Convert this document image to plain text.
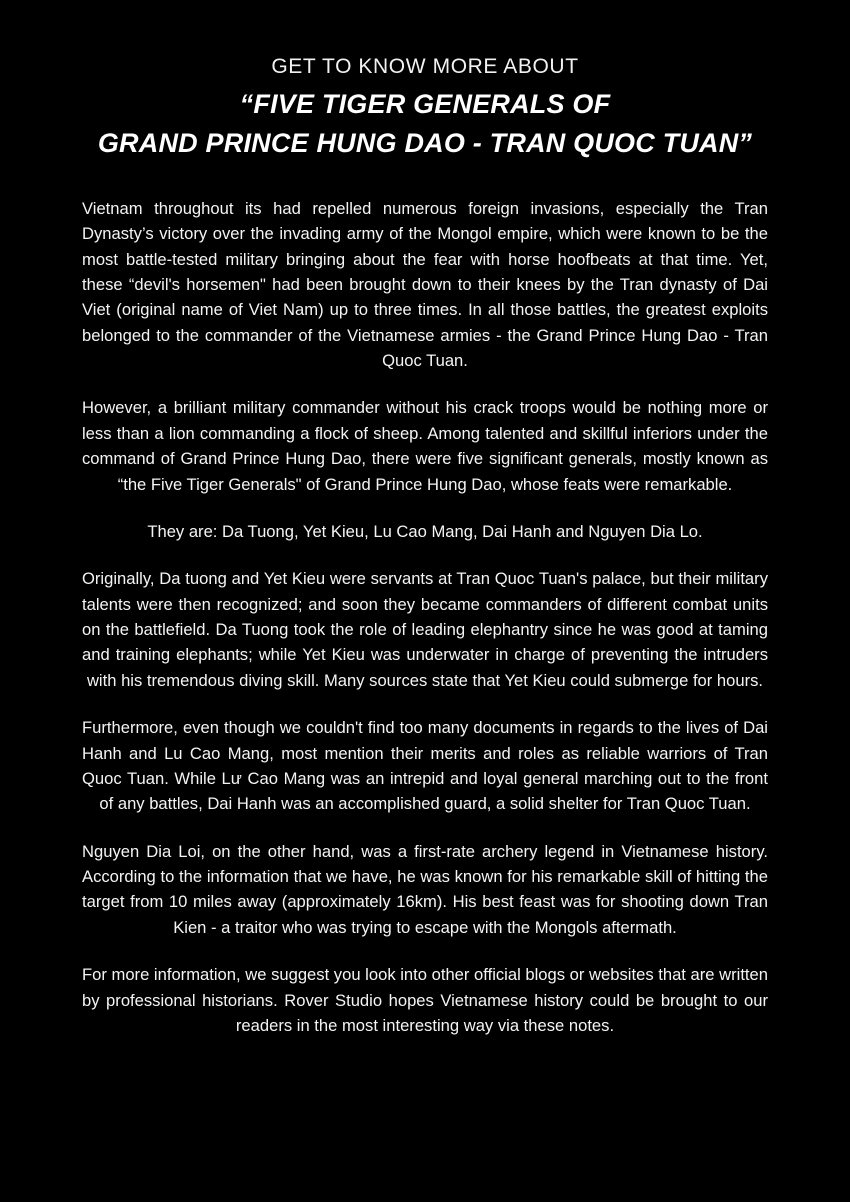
GET TO KNOW MORE ABOUT
“FIVE TIGER GENERALS OF
GRAND PRINCE HUNG DAO - TRAN QUOC TUAN”

Vietnam throughout its had repelled numerous foreign invasions, especially the Tran Dynasty’s victory over the invading army of the Mongol empire, which were known to be the most battle-tested military bringing about the fear with horse hoofbeats at that time. Yet, these “devil's horsemen" had been brought down to their knees by the Tran dynasty of Dai Viet (original name of Viet Nam) up to three times. In all those battles, the greatest exploits belonged to the commander of the Vietnamese armies - the Grand Prince Hung Dao - Tran Quoc Tuan.

However, a brilliant military commander without his crack troops would be nothing more or less than a lion commanding a flock of sheep. Among talented and skillful inferiors under the command of Grand Prince Hung Dao, there were five significant generals, mostly known as “the Five Tiger Generals" of Grand Prince Hung Dao, whose feats were remarkable.

They are: Da Tuong, Yet Kieu, Lu Cao Mang, Dai Hanh and Nguyen Dia Lo.

Originally, Da tuong and Yet Kieu were servants at Tran Quoc Tuan's palace, but their military talents were then recognized; and soon they became commanders of different combat units on the battlefield. Da Tuong took the role of leading elephantry since he was good at taming and training elephants; while Yet Kieu was underwater in charge of preventing the intruders with his tremendous diving skill. Many sources state that Yet Kieu could submerge for hours.

Furthermore, even though we couldn't find too many documents in regards to the lives of Dai Hanh and Lu Cao Mang, most mention their merits and roles as reliable warriors of Tran Quoc Tuan. While Lư Cao Mang was an intrepid and loyal general marching out to the front of any battles, Dai Hanh was an accomplished guard, a solid shelter for Tran Quoc Tuan.

Nguyen Dia Loi, on the other hand, was a first-rate archery legend in Vietnamese history. According to the information that we have, he was known for his remarkable skill of hitting the target from 10 miles away (approximately 16km). His best feast was for shooting down Tran Kien - a traitor who was trying to escape with the Mongols aftermath.

For more information, we suggest you look into other official blogs or websites that are written by professional historians. Rover Studio hopes Vietnamese history could be brought to our readers in the most interesting way via these notes.
